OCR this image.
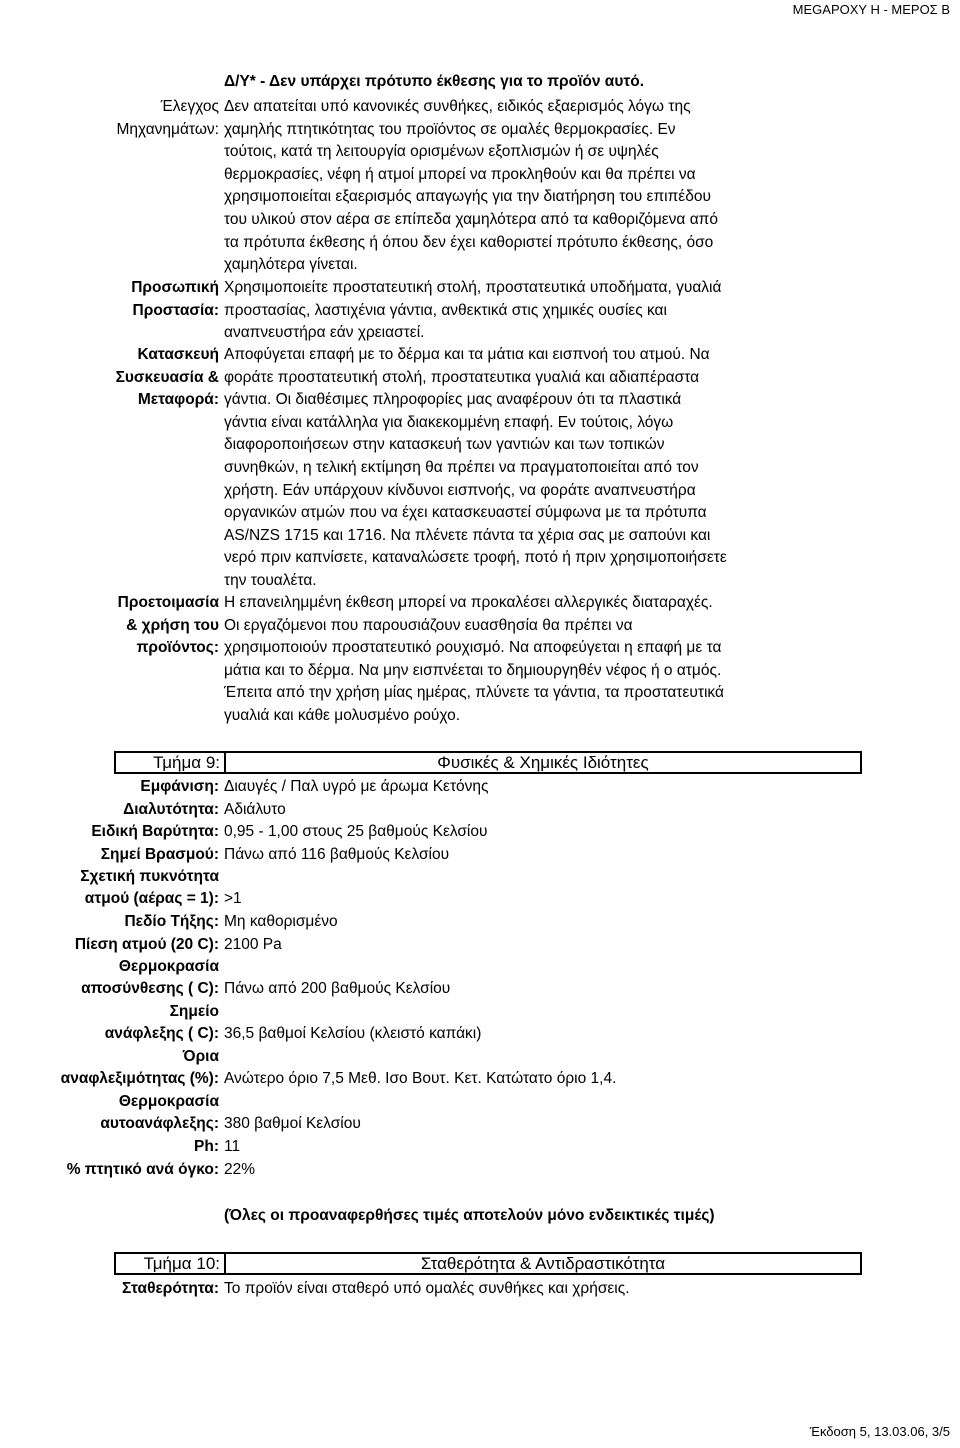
MEGAPOXY H - ΜΕΡΟΣ Β
Δ/Υ* - Δεν υπάρχει πρότυπο έκθεσης για το προϊόν αυτό.
Έλεγχος
Μηχανημάτων:
Δεν απατείται υπό κανονικές συνθήκες, ειδικός εξαερισμός λόγω της
χαμηλής πτητικότητας του προϊόντος σε ομαλές θερμοκρασίες. Εν
τούτοις, κατά τη λειτουργία ορισμένων εξοπλισμών ή σε υψηλές
θερμοκρασίες, νέφη ή ατμοί μπορεί να προκληθούν και θα πρέπει να
χρησιμοποιείται εξαερισμός απαγωγής για την διατήρηση του επιπέδου
του υλικού στον αέρα σε επίπεδα χαμηλότερα από τα καθοριζόμενα από
τα πρότυπα έκθεσης ή όπου δεν έχει καθοριστεί πρότυπο έκθεσης, όσο
χαμηλότερα γίνεται.
Προσωπική
Προστασία:
Χρησιμοποιείτε προστατευτική στολή, προστατευτικά υποδήματα, γυαλιά
προστασίας, λαστιχένια γάντια, ανθεκτικά στις χημικές ουσίες και
αναπνευστήρα εάν χρειαστεί.
Κατασκευή
Συσκευασία &
Μεταφορά:
Αποφύγεται επαφή με το δέρμα και τα μάτια και εισπνοή του ατμού. Να
φοράτε προστατευτική στολή, προστατευτικα γυαλιά και αδιαπέραστα
γάντια. Οι διαθέσιμες πληροφορίες μας αναφέρουν ότι τα πλαστικά
γάντια είναι κατάλληλα για διακεκομμένη επαφή. Εν τούτοις, λόγω
διαφοροποιήσεων στην κατασκευή των γαντιών και των τοπικών
συνηθκών, η τελική εκτίμηση θα πρέπει να πραγματοποιείται από τον
χρήστη. Εάν υπάρχουν κίνδυνοι εισπνοής, να φοράτε αναπνευστήρα
οργανικών ατμών που να έχει κατασκευαστεί σύμφωνα με τα πρότυπα
AS/NZS 1715 και 1716. Να πλένετε πάντα τα χέρια σας με σαπούνι και
νερό πριν καπνίσετε, καταναλώσετε τροφή, ποτό ή πριν χρησιμοποιήσετε
την τουαλέτα.
Προετοιμασία
& χρήση του
προϊόντος:
Η επανειλημμένη έκθεση μπορεί να προκαλέσει αλλεργικές διαταραχές.
Οι εργαζόμενοι που παρουσιάζουν ευασθησία θα πρέπει να
χρησιμοποιούν προστατευτικό ρουχισμό. Να αποφεύγεται η επαφή με τα
μάτια και το δέρμα. Να μην εισπνέεται το δημιουργηθέν νέφος ή ο ατμός.
Έπειτα από την χρήση μίας ημέρας, πλύνετε τα γάντια, τα προστατευτικά
γυαλιά και κάθε μολυσμένο ρούχο.
Τμήμα 9:	Φυσικές & Χημικές Ιδιότητες
Εμφάνιση: Διαυγές / Παλ υγρό με άρωμα Κετόνης
Διαλυτότητα: Αδιάλυτο
Ειδική Βαρύτητα: 0,95 - 1,00 στους 25 βαθμούς Κελσίου
Σημεί Βρασμού: Πάνω από 116 βαθμούς Κελσίου
Σχετική πυκνότητα
ατμού (αέρας = 1): >1
Πεδίο Τήξης: Μη καθορισμένο
Πίεση ατμού (20 C): 2100 Pa
Θερμοκρασία
αποσύνθεσης ( C): Πάνω από 200 βαθμούς Κελσίου
Σημείο
ανάφλεξης ( C): 36,5 βαθμοί Κελσίου (κλειστό καπάκι)
Όρια
αναφλεξιμότητας (%): Ανώτερο όριο 7,5 Μεθ. Ισο Βουτ. Κετ. Κατώτατο όριο 1,4.
Θερμοκρασία
αυτοανάφλεξης: 380 βαθμοί Κελσίου
Ph: 11
% πτητικό ανά όγκο: 22%
(Όλες οι προαναφερθήσες τιμές αποτελούν μόνο ενδεικτικές τιμές)
Τμήμα 10:	Σταθερότητα & Αντιδραστικότητα
Σταθερότητα: Το προϊόν είναι σταθερό υπό ομαλές συνθήκες και χρήσεις.
Έκδοση 5, 13.03.06, 3/5
